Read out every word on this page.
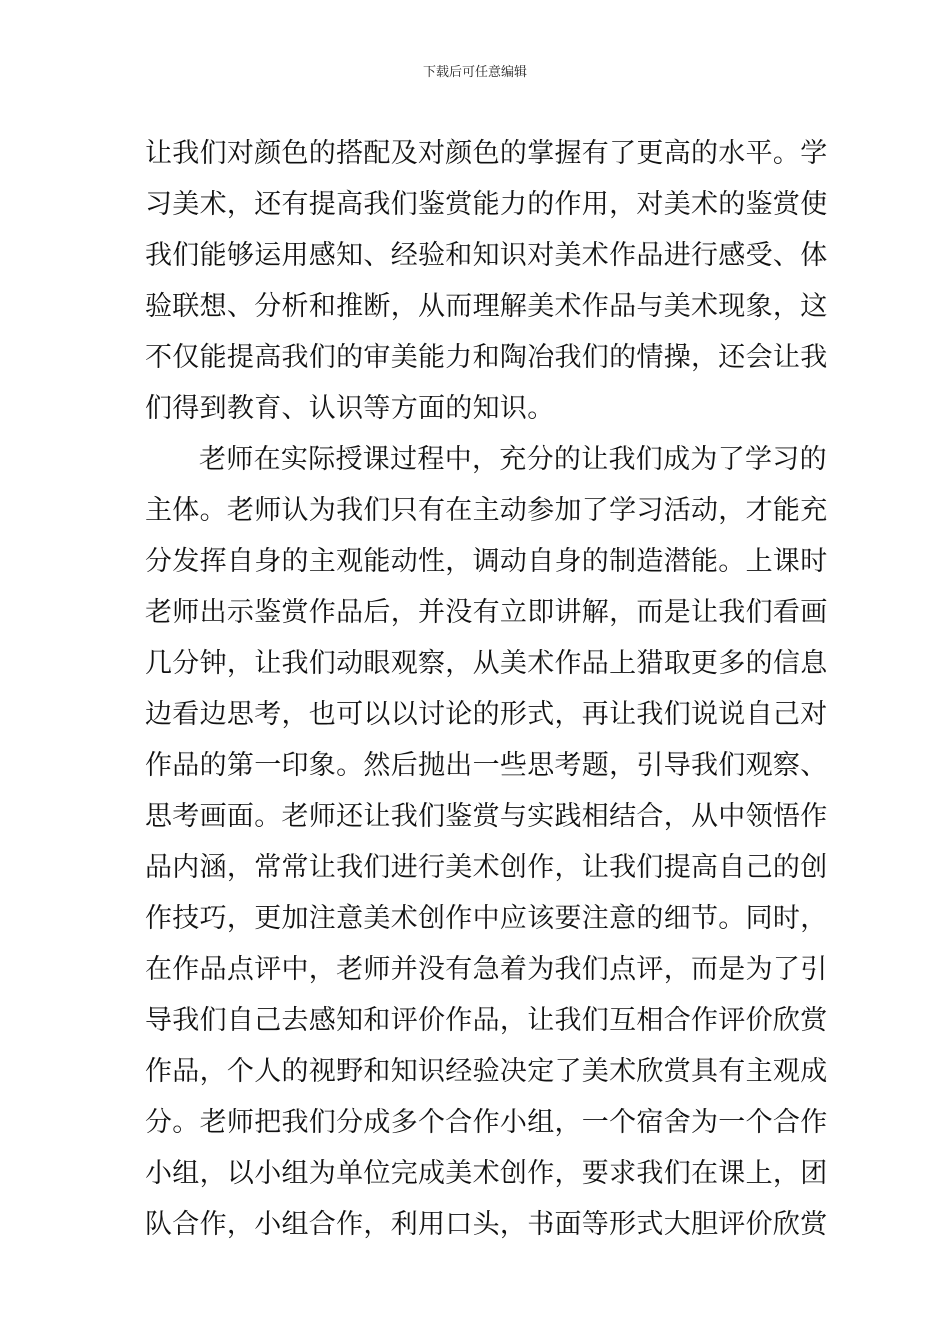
下载后可任意编辑
让我们对颜色的搭配及对颜色的掌握有了更高的水平。学
习美术，还有提高我们鉴赏能力的作用，对美术的鉴赏使
我们能够运用感知、经验和知识对美术作品进行感受、体
验联想、分析和推断，从而理解美术作品与美术现象，这
不仅能提高我们的审美能力和陶冶我们的情操，还会让我
们得到教育、认识等方面的知识。
老师在实际授课过程中，充分的让我们成为了学习的
主体。老师认为我们只有在主动参加了学习活动，才能充
分发挥自身的主观能动性，调动自身的制造潜能。上课时
老师出示鉴赏作品后，并没有立即讲解，而是让我们看画
几分钟，让我们动眼观察，从美术作品上猎取更多的信息
边看边思考，也可以以讨论的形式，再让我们说说自己对
作品的第一印象。然后抛出一些思考题，引导我们观察、
思考画面。老师还让我们鉴赏与实践相结合，从中领悟作
品内涵，常常让我们进行美术创作，让我们提高自己的创
作技巧，更加注意美术创作中应该要注意的细节。同时，
在作品点评中，老师并没有急着为我们点评，而是为了引
导我们自己去感知和评价作品，让我们互相合作评价欣赏
作品，个人的视野和知识经验决定了美术欣赏具有主观成
分。老师把我们分成多个合作小组，一个宿舍为一个合作
小组，以小组为单位完成美术创作，要求我们在课上，团
队合作，小组合作，利用口头，书面等形式大胆评价欣赏
